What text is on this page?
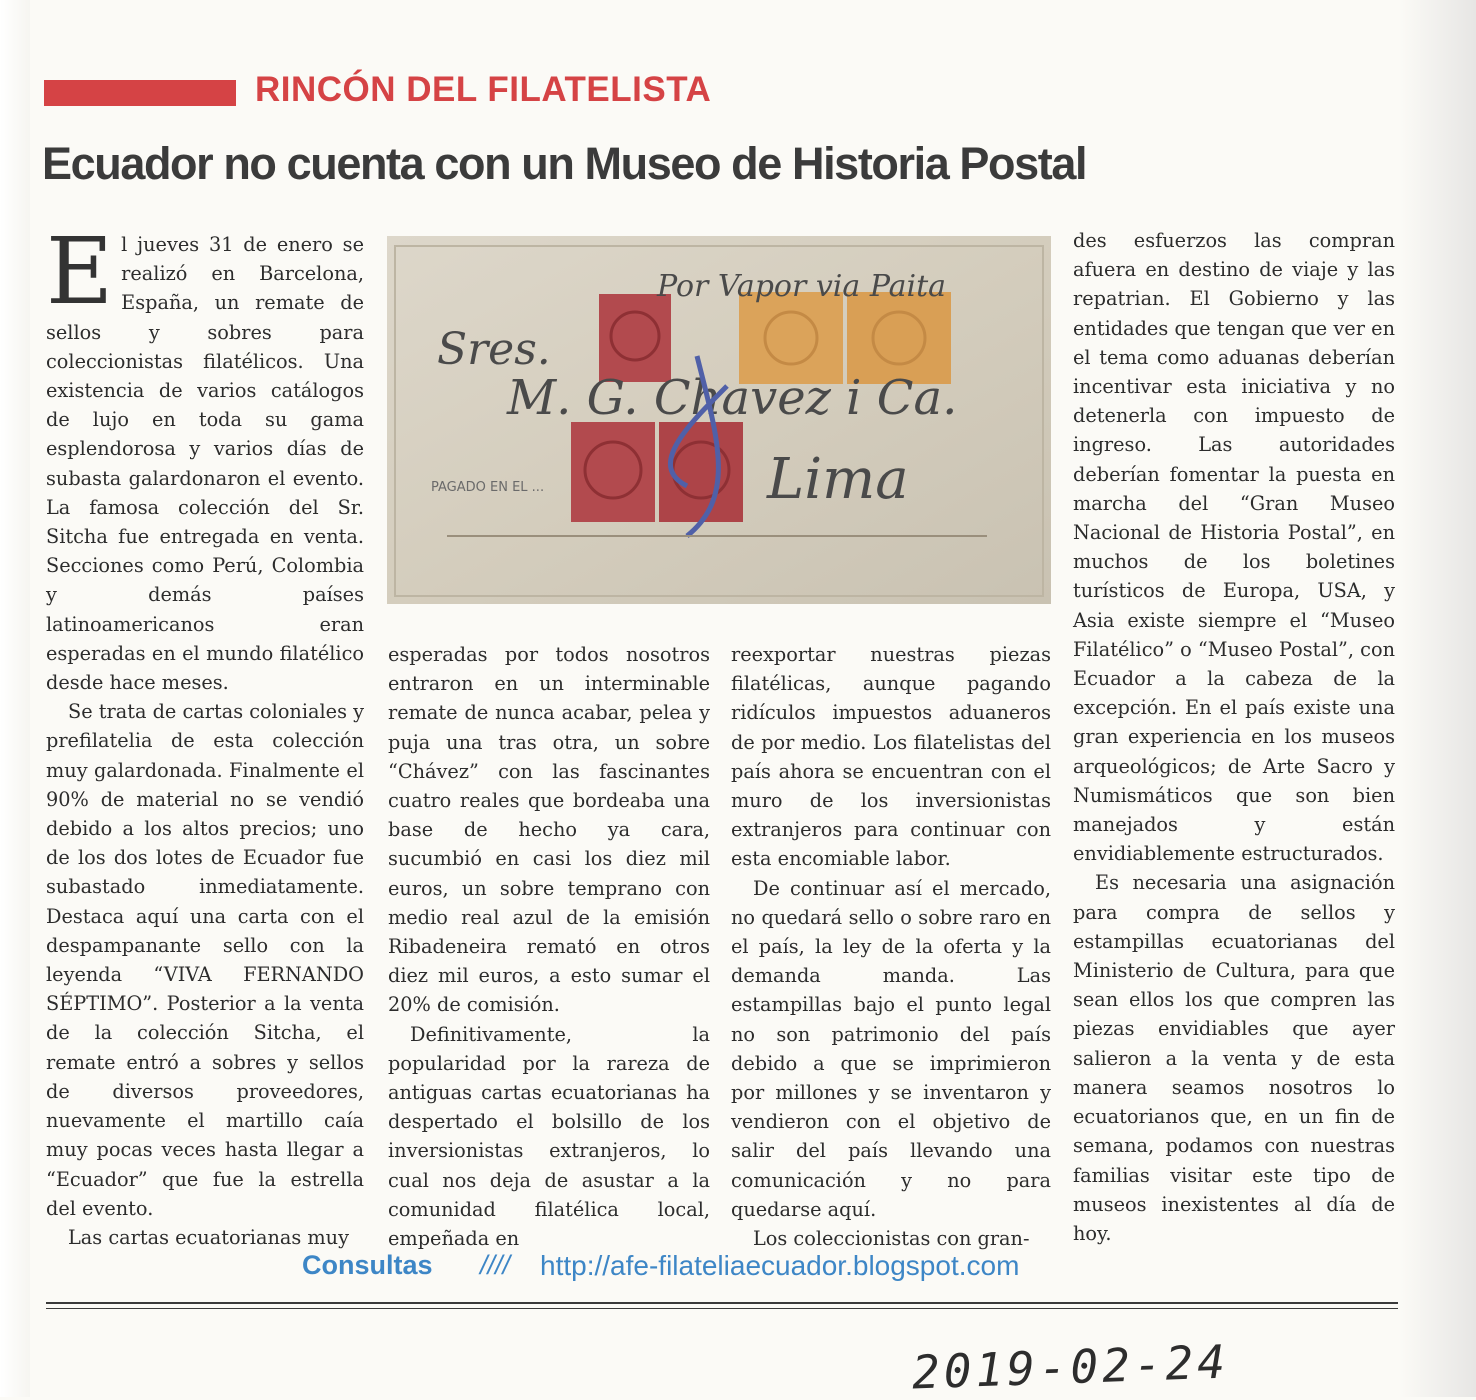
RINCÓN DEL FILATELISTA
Ecuador no cuenta con un Museo de Historia Postal

El jueves 31 de enero se realizó en Barcelona, España, un remate de sellos y sobres para coleccionistas filatélicos. Una existencia de varios catálogos de lujo en toda su gama esplendorosa y varios días de subasta galardonaron el evento. La famosa colección del Sr. Sitcha fue entregada en venta. Secciones como Perú, Colombia y demás países latinoamericanos eran esperadas en el mundo filatélico desde hace meses.

Se trata de cartas coloniales y prefilatelia de esta colección muy galardonada. Finalmente el 90% de material no se vendió debido a los altos precios; uno de los dos lotes de Ecuador fue subastado inmediatamente. Destaca aquí una carta con el despampanante sello con la leyenda “VIVA FERNANDO SÉPTIMO”. Posterior a la venta de la colección Sitcha, el remate entró a sobres y sellos de diversos proveedores, nuevamente el martillo caía muy pocas veces hasta llegar a “Ecuador” que fue la estrella del evento.

Las cartas ecuatorianas muy

Por Vapor via Paita
Sres.
M. G. Chavez i Ca.
Lima
PAGADO EN EL ...

esperadas por todos nosotros entraron en un interminable remate de nunca acabar, pelea y puja una tras otra, un sobre “Chávez” con las fascinantes cuatro reales que bordeaba una base de hecho ya cara, sucumbió en casi los diez mil euros, un sobre temprano con medio real azul de la emisión Ribadeneira remató en otros diez mil euros, a esto sumar el 20% de comisión.

Definitivamente, la popularidad por la rareza de antiguas cartas ecuatorianas ha despertado el bolsillo de los inversionistas extranjeros, lo cual nos deja de asustar a la comunidad filatélica local, empeñada en

reexportar nuestras piezas filatélicas, aunque pagando ridículos impuestos aduaneros de por medio. Los filatelistas del país ahora se encuentran con el muro de los inversionistas extranjeros para continuar con esta encomiable labor.

De continuar así el mercado, no quedará sello o sobre raro en el país, la ley de la oferta y la demanda manda. Las estampillas bajo el punto legal no son patrimonio del país debido a que se imprimieron por millones y se inventaron y vendieron con el objetivo de salir del país llevando una comunicación y no para quedarse aquí.

Los coleccionistas con gran-

des esfuerzos las compran afuera en destino de viaje y las repatrian. El Gobierno y las entidades que tengan que ver en el tema como aduanas deberían incentivar esta iniciativa y no detenerla con impuesto de ingreso. Las autoridades deberían fomentar la puesta en marcha del “Gran Museo Nacional de Historia Postal”, en muchos de los boletines turísticos de Europa, USA, y Asia existe siempre el “Museo Filatélico” o “Museo Postal”, con Ecuador a la cabeza de la excepción. En el país existe una gran experiencia en los museos arqueológicos; de Arte Sacro y Numismáticos que son bien manejados y están envidiablemente estructurados.

Es necesaria una asignación para compra de sellos y estampillas ecuatorianas del Ministerio de Cultura, para que sean ellos los que compren las piezas envidiables que ayer salieron a la venta y de esta manera seamos nosotros lo ecuatorianos que, en un fin de semana, podamos con nuestras familias visitar este tipo de museos inexistentes al día de hoy.

Consultas //// http://afe-filateliaecuador.blogspot.com
2019-02-24
